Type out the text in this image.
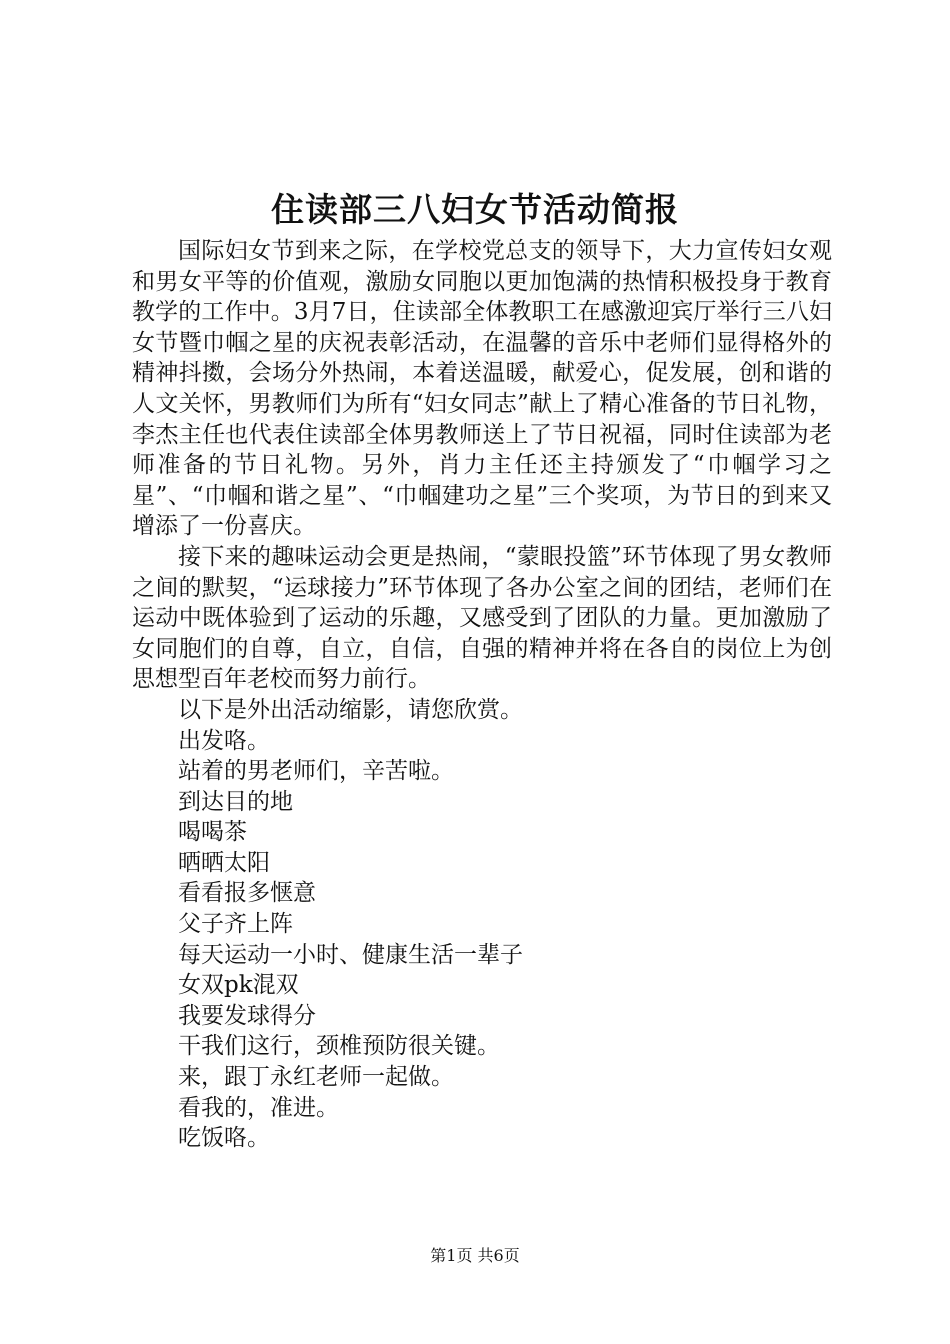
住读部三八妇女节活动简报

国际妇女节到来之际，在学校党总支的领导下，大力宣传妇女观和男女平等的价值观，激励女同胞以更加饱满的热情积极投身于教育教学的工作中。3月7日，住读部全体教职工在感激迎宾厅举行三八妇女节暨巾帼之星的庆祝表彰活动，在温馨的音乐中老师们显得格外的精神抖擞，会场分外热闹，本着送温暖，献爱心，促发展，创和谐的人文关怀，男教师们为所有“妇女同志”献上了精心准备的节日礼物，李杰主任也代表住读部全体男教师送上了节日祝福，同时住读部为老师准备的节日礼物。另外，肖力主任还主持颁发了“巾帼学习之星”、“巾帼和谐之星”、“巾帼建功之星”三个奖项，为节日的到来又增添了一份喜庆。

接下来的趣味运动会更是热闹，“蒙眼投篮”环节体现了男女教师之间的默契，“运球接力”环节体现了各办公室之间的团结，老师们在运动中既体验到了运动的乐趣，又感受到了团队的力量。更加激励了女同胞们的自尊，自立，自信，自强的精神并将在各自的岗位上为创思想型百年老校而努力前行。

以下是外出活动缩影，请您欣赏。

出发咯。

站着的男老师们，辛苦啦。

到达目的地

喝喝茶

晒晒太阳

看看报多惬意

父子齐上阵

每天运动一小时、健康生活一辈子

女双pk混双

我要发球得分

干我们这行，颈椎预防很关键。

来，跟丁永红老师一起做。

看我的，准进。

吃饭咯。

第1页 共6页
